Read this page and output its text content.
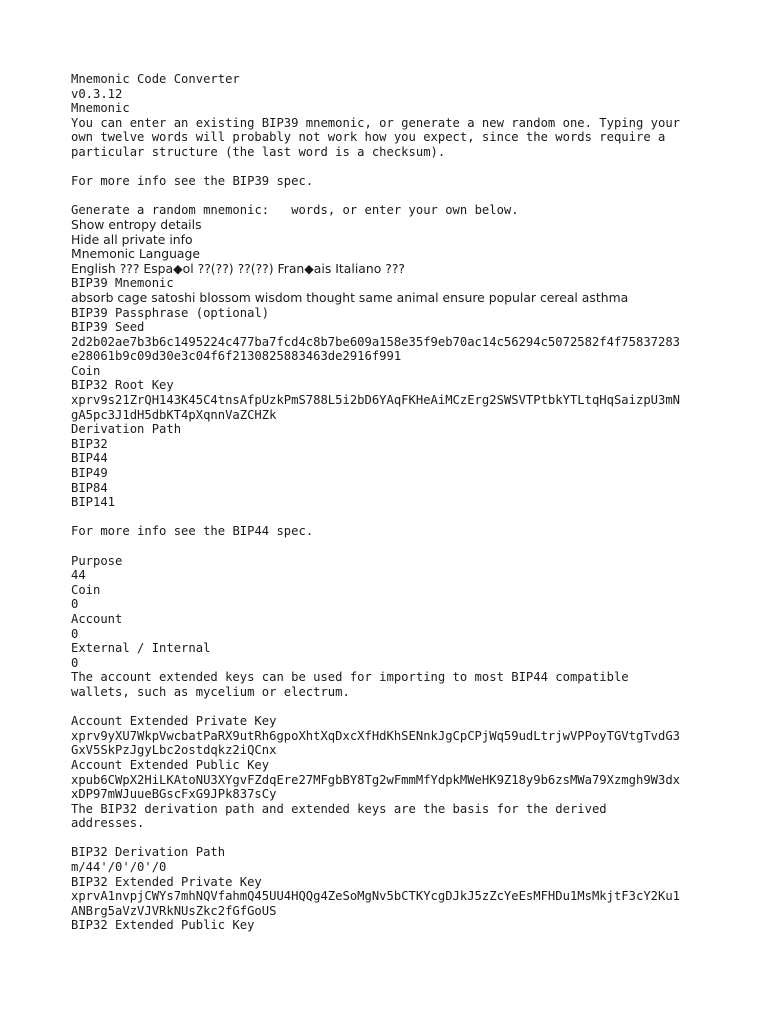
Mnemonic Code Converter
v0.3.12
Mnemonic
You can enter an existing BIP39 mnemonic, or generate a new random one. Typing your
own twelve words will probably not work how you expect, since the words require a
particular structure (the last word is a checksum).
For more info see the BIP39 spec.
Generate a random mnemonic:   words, or enter your own below.
Show entropy details
Hide all private info
Mnemonic Language
English ??? Espa◆ol ??(??) ??(??) Fran◆ais Italiano ???
BIP39 Mnemonic
absorb cage satoshi blossom wisdom thought same animal ensure popular cereal asthma
BIP39 Passphrase (optional)
BIP39 Seed
2d2b02ae7b3b6c1495224c477ba7fcd4c8b7be609a158e35f9eb70ac14c56294c5072582f4f75837283
e28061b9c09d30e3c04f6f2130825883463de2916f991
Coin
BIP32 Root Key
xprv9s21ZrQH143K45C4tnsAfpUzkPmS788L5i2bD6YAqFKHeAiMCzErg2SWSVTPtbkYTLtqHqSaizpU3mN
gA5pc3J1dH5dbKT4pXqnnVaZCHZk
Derivation Path
BIP32
BIP44
BIP49
BIP84
BIP141
For more info see the BIP44 spec.
Purpose
44
Coin
0
Account
0
External / Internal
0
The account extended keys can be used for importing to most BIP44 compatible
wallets, such as mycelium or electrum.
Account Extended Private Key
xprv9yXU7WkpVwcbatPaRX9utRh6gpoXhtXqDxcXfHdKhSENnkJgCpCPjWq59udLtrjwVPPoyTGVtgTvdG3
GxV5SkPzJgyLbc2ostdqkz2iQCnx
Account Extended Public Key
xpub6CWpX2HiLKAtoNU3XYgvFZdqEre27MFgbBY8Tg2wFmmMfYdpkMWeHK9Z18y9b6zsMWa79Xzmgh9W3dx
xDP97mWJuueBGscFxG9JPk837sCy
The BIP32 derivation path and extended keys are the basis for the derived
addresses.
BIP32 Derivation Path
m/44'/0'/0'/0
BIP32 Extended Private Key
xprvA1nvpjCWYs7mhNQVfahmQ45UU4HQQg4ZeSoMgNv5bCTKYcgDJkJ5zZcYeEsMFHDu1MsMkjtF3cY2Ku1
ANBrg5aVzVJVRkNUsZkc2fGfGoUS
BIP32 Extended Public Key
